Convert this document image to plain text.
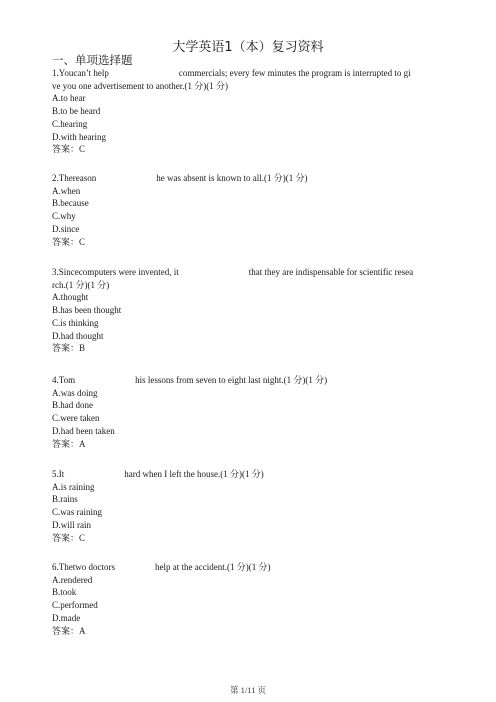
大学英语1（本）复习资料
一、单项选择题
1.Youcan’t help	commercials; every few minutes the program is interrupted to gi
ve you one advertisement to another.(1 分)(1 分)
A.to hear
B.to be heard
C.hearing
D.with hearing
答案：C
2.Thereason	he was absent is known to all.(1 分)(1 分)
A.when
B.because
C.why
D.since
答案：C
3.Sincecomputers were invented, it	that they are indispensable for scientific resea
rch.(1 分)(1 分)
A.thought
B.has been thought
C.is thinking
D.had thought
答案：B
4.Tom	his lessons from seven to eight last night.(1 分)(1 分)
A.was doing
B.had done
C.were taken
D.had been taken
答案：A
5.It	hard when I left the house.(1 分)(1 分)
A.is raining
B.rains
C.was raining
D.will rain
答案：C
6.Thetwo doctors	help at the accident.(1 分)(1 分)
A.rendered
B.took
C.performed
D.made
答案：A
第 1/11 页
